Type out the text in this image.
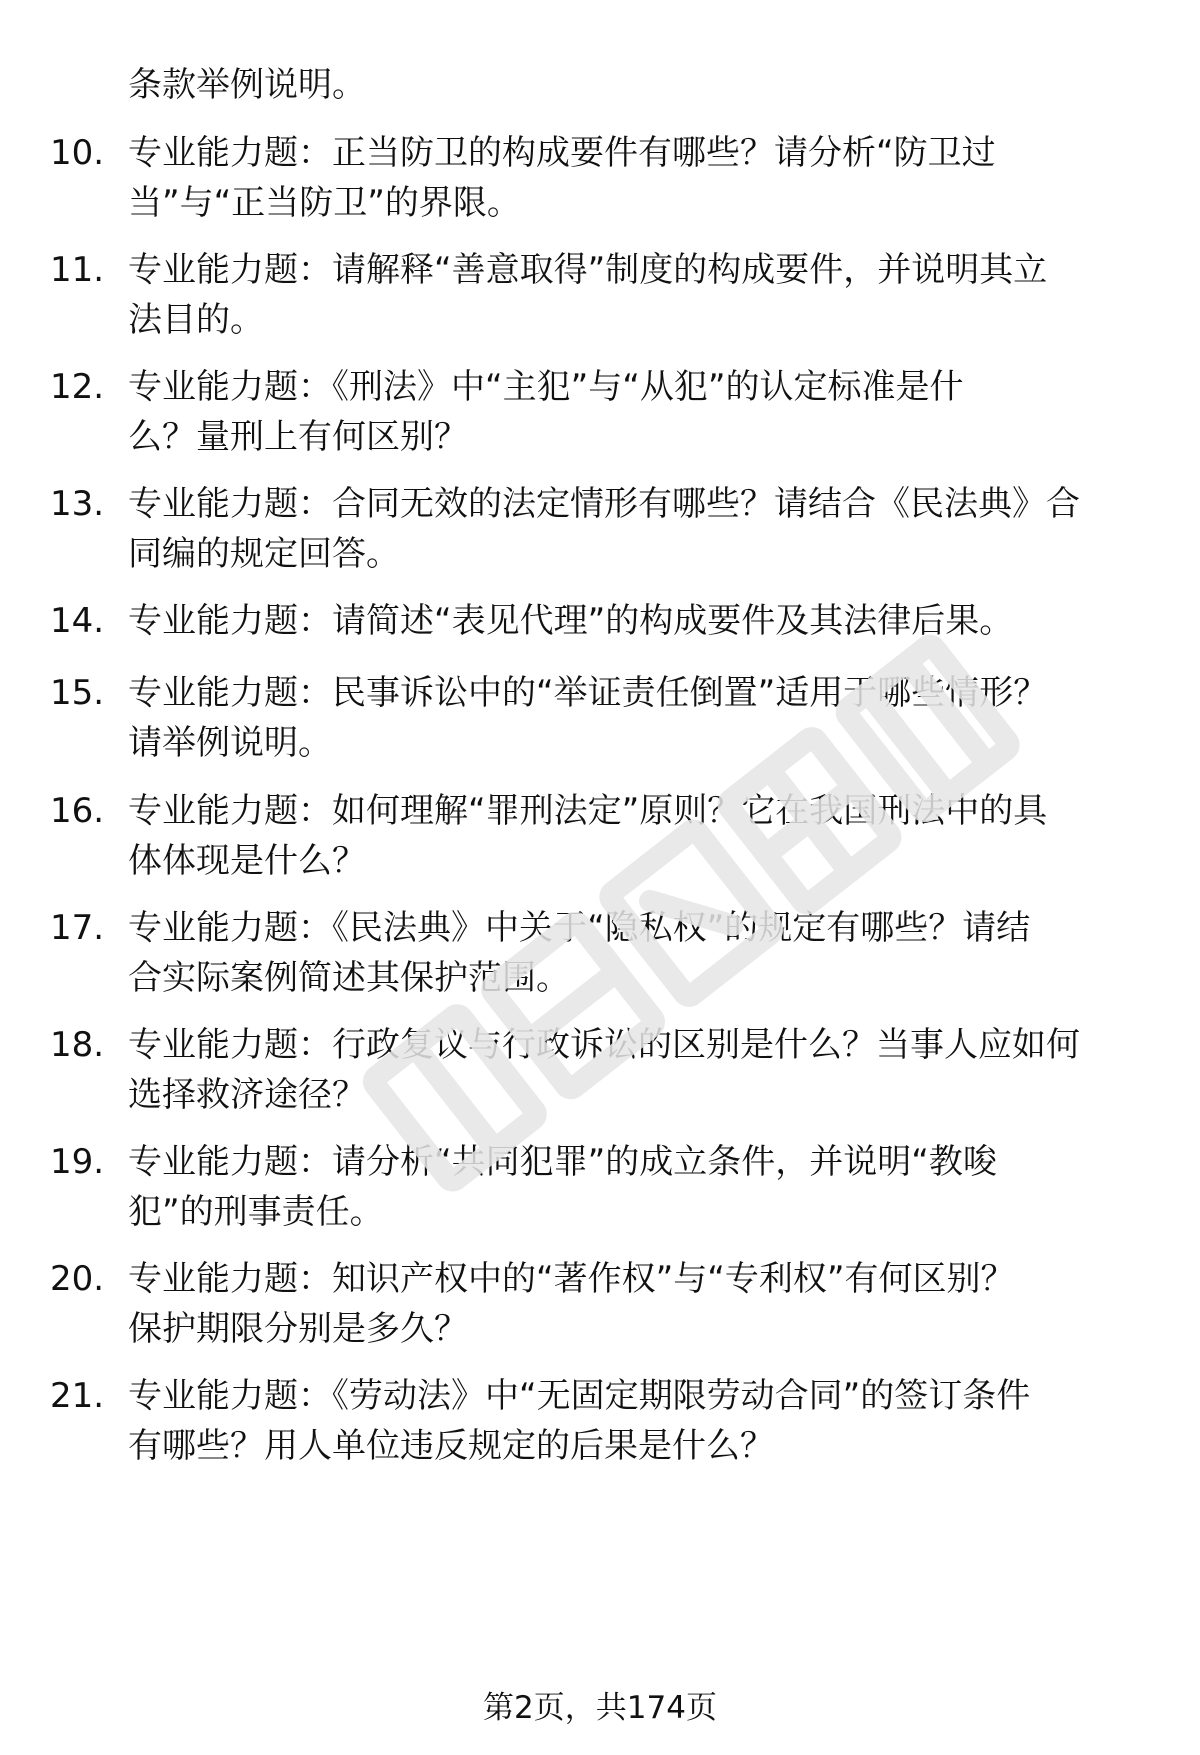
条款举例说明。
10. 专业能力题：正当防卫的构成要件有哪些？请分析“防卫过
当”与“正当防卫”的界限。
11. 专业能力题：请解释“善意取得”制度的构成要件，并说明其立
法目的。
12. 专业能力题：《刑法》中“主犯”与“从犯”的认定标准是什
么？量刑上有何区别？
13. 专业能力题：合同无效的法定情形有哪些？请结合《民法典》合
同编的规定回答。
14. 专业能力题：请简述“表见代理”的构成要件及其法律后果。
15. 专业能力题：民事诉讼中的“举证责任倒置”适用于哪些情形？
请举例说明。
16. 专业能力题：如何理解“罪刑法定”原则？它在我国刑法中的具
体体现是什么？
17. 专业能力题：《民法典》中关于“隐私权”的规定有哪些？请结
合实际案例简述其保护范围。
18. 专业能力题：行政复议与行政诉讼的区别是什么？当事人应如何
选择救济途径？
19. 专业能力题：请分析“共同犯罪”的成立条件，并说明“教唆
犯”的刑事责任。
20. 专业能力题：知识产权中的“著作权”与“专利权”有何区别？
保护期限分别是多久？
21. 专业能力题：《劳动法》中“无固定期限劳动合同”的签订条件
有哪些？用人单位违反规定的后果是什么？
第2页，共174页
